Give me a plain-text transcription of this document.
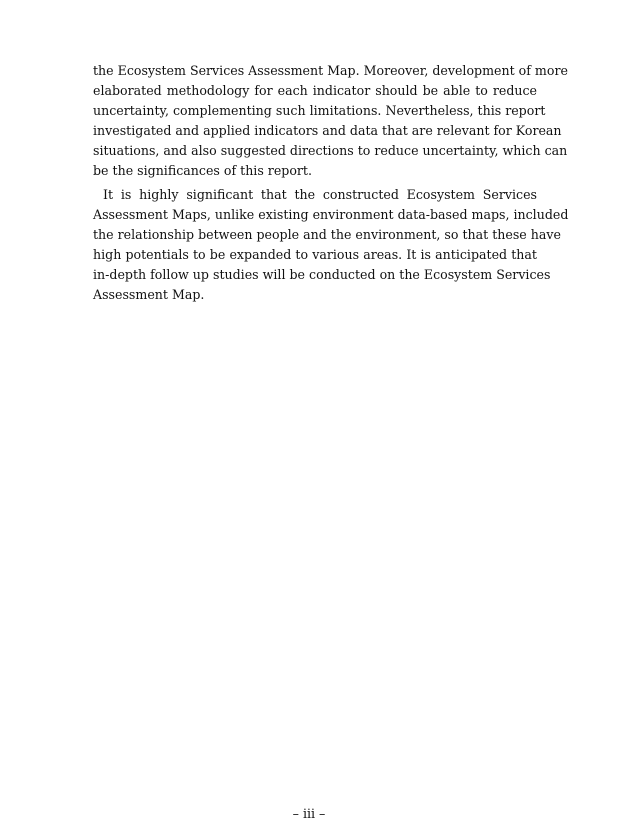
the Ecosystem Services Assessment Map. Moreover, development of more
elaborated methodology for each indicator should be able to reduce
uncertainty, complementing such limitations. Nevertheless, this report
investigated and applied indicators and data that are relevant for Korean
situations, and also suggested directions to reduce uncertainty, which can
be the significances of this report.
It is highly significant that the constructed Ecosystem Services
Assessment Maps, unlike existing environment data-based maps, included
the relationship between people and the environment, so that these have
high potentials to be expanded to various areas. It is anticipated that
in-depth follow up studies will be conducted on the Ecosystem Services
Assessment Map.
– iii –
